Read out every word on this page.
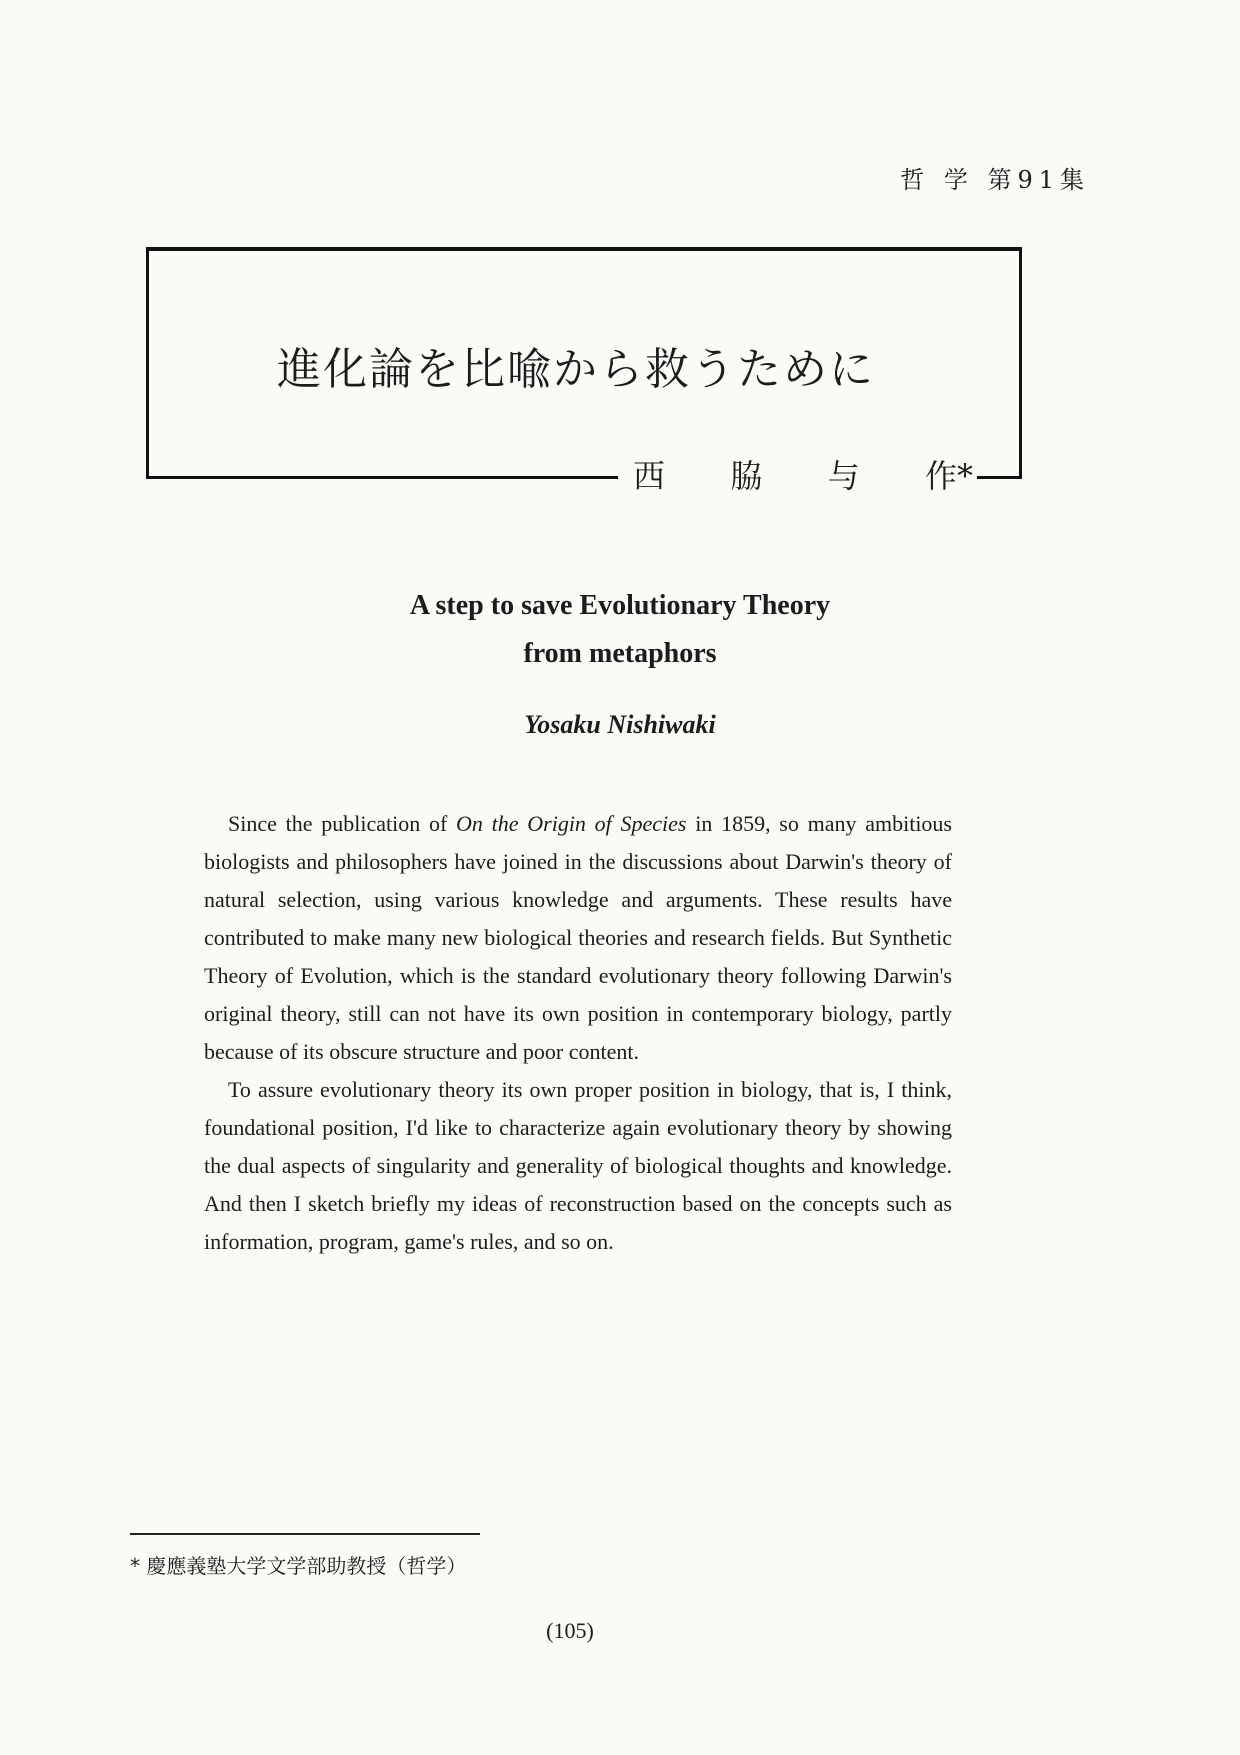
哲 学 第91集
進化論を比喩から救うために
西 脇 与 作*
A step to save Evolutionary Theory
from metaphors
Yosaku Nishiwaki

Since the publication of On the Origin of Species in 1859, so many ambitious biologists and philosophers have joined in the discussions about Darwin's theory of natural selection, using various knowledge and arguments. These results have contributed to make many new biological theories and research fields. But Synthetic Theory of Evolution, which is the standard evolutionary theory following Darwin's original theory, still can not have its own position in contemporary biology, partly because of its obscure structure and poor content.

To assure evolutionary theory its own proper position in biology, that is, I think, foundational position, I'd like to characterize again evolutionary theory by showing the dual aspects of singularity and generality of biological thoughts and knowledge. And then I sketch briefly my ideas of reconstruction based on the concepts such as information, program, game's rules, and so on.

* 慶應義塾大学文学部助教授（哲学）
(105)
